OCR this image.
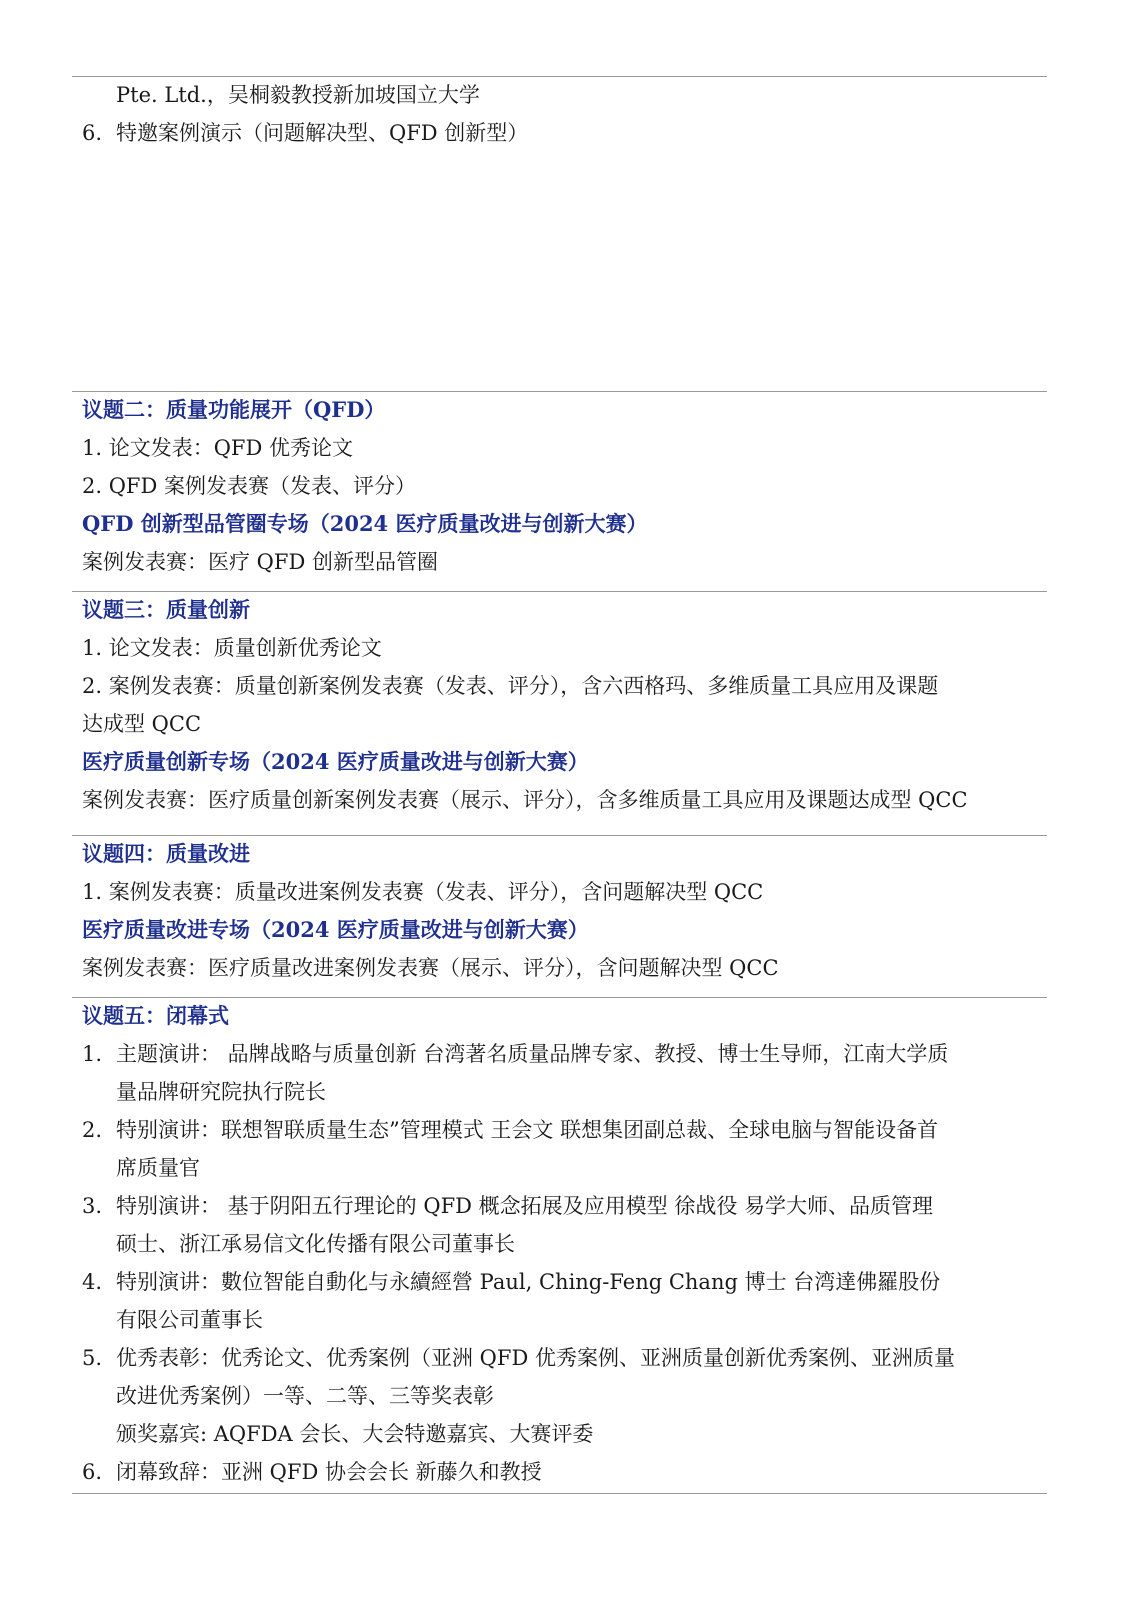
Pte. Ltd.，吴桐毅教授新加坡国立大学
6. 特邀案例演示（问题解决型、QFD 创新型）
议题二：质量功能展开（QFD）
1. 论文发表：QFD 优秀论文
2. QFD 案例发表赛（发表、评分）
QFD 创新型品管圈专场（2024 医疗质量改进与创新大赛）
案例发表赛：医疗 QFD 创新型品管圈
议题三：质量创新
1. 论文发表：质量创新优秀论文
2. 案例发表赛：质量创新案例发表赛（发表、评分），含六西格玛、多维质量工具应用及课题
达成型 QCC
医疗质量创新专场（2024 医疗质量改进与创新大赛）
案例发表赛：医疗质量创新案例发表赛（展示、评分），含多维质量工具应用及课题达成型 QCC
议题四：质量改进
1. 案例发表赛：质量改进案例发表赛（发表、评分），含问题解决型 QCC
医疗质量改进专场（2024 医疗质量改进与创新大赛）
案例发表赛：医疗质量改进案例发表赛（展示、评分），含问题解决型 QCC
议题五：闭幕式
1. 主题演讲： 品牌战略与质量创新 台湾著名质量品牌专家、教授、博士生导师，江南大学质
量品牌研究院执行院长
2. 特别演讲：联想智联质量生态”管理模式 王会文 联想集团副总裁、全球电脑与智能设备首
席质量官
3. 特别演讲： 基于阴阳五行理论的 QFD 概念拓展及应用模型 徐战役 易学大师、品质管理
硕士、浙江承易信文化传播有限公司董事长
4. 特别演讲：數位智能自動化与永續經營 Paul, Ching-Feng Chang 博士 台湾達佛羅股份
有限公司董事长
5. 优秀表彰：优秀论文、优秀案例（亚洲 QFD 优秀案例、亚洲质量创新优秀案例、亚洲质量
改进优秀案例）一等、二等、三等奖表彰
颁奖嘉宾: AQFDA 会长、大会特邀嘉宾、大赛评委
6. 闭幕致辞：亚洲 QFD 协会会长 新藤久和教授
